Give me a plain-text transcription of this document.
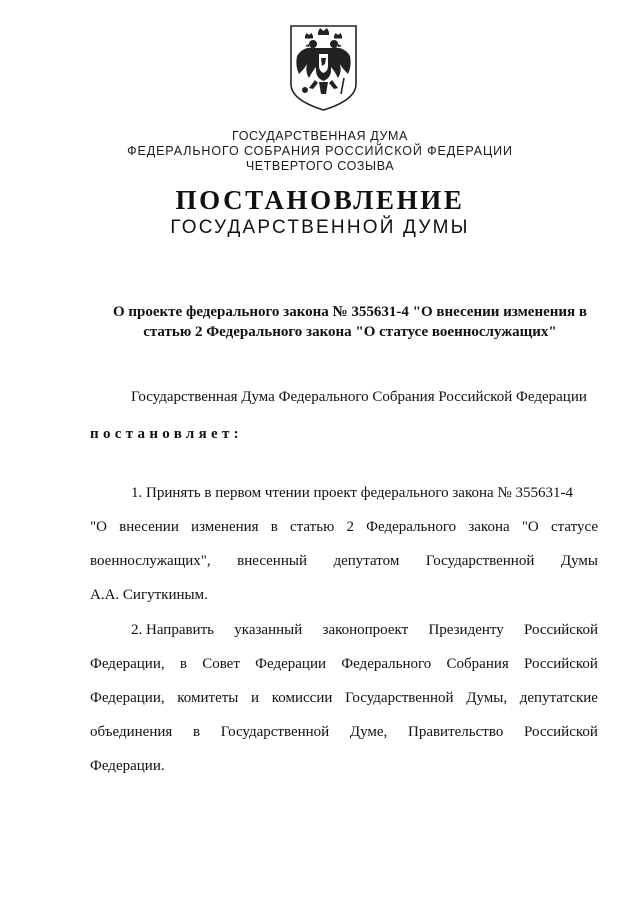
ГОСУДАРСТВЕННАЯ ДУМА
ФЕДЕРАЛЬНОГО СОБРАНИЯ РОССИЙСКОЙ ФЕДЕРАЦИИ
ЧЕТВЕРТОГО СОЗЫВА
ПОСТАНОВЛЕНИЕ
ГОСУДАРСТВЕННОЙ ДУМЫ
О проекте федерального закона № 355631-4 "О внесении изменения в
статью 2 Федерального закона "О статусе военнослужащих"
Государственная Дума Федерального Собрания Российской Федерации
постановляет:
1. Принять в первом чтении проект федерального закона № 355631-4
"О внесении изменения в статью 2 Федерального закона "О статусе
военнослужащих", внесенный депутатом Государственной Думы
А.А. Сигуткиным.
2. Направить указанный законопроект Президенту Российской
Федерации, в Совет Федерации Федерального Собрания Российской
Федерации, комитеты и комиссии Государственной Думы, депутатские
объединения в Государственной Думе, Правительство Российской
Федерации.
